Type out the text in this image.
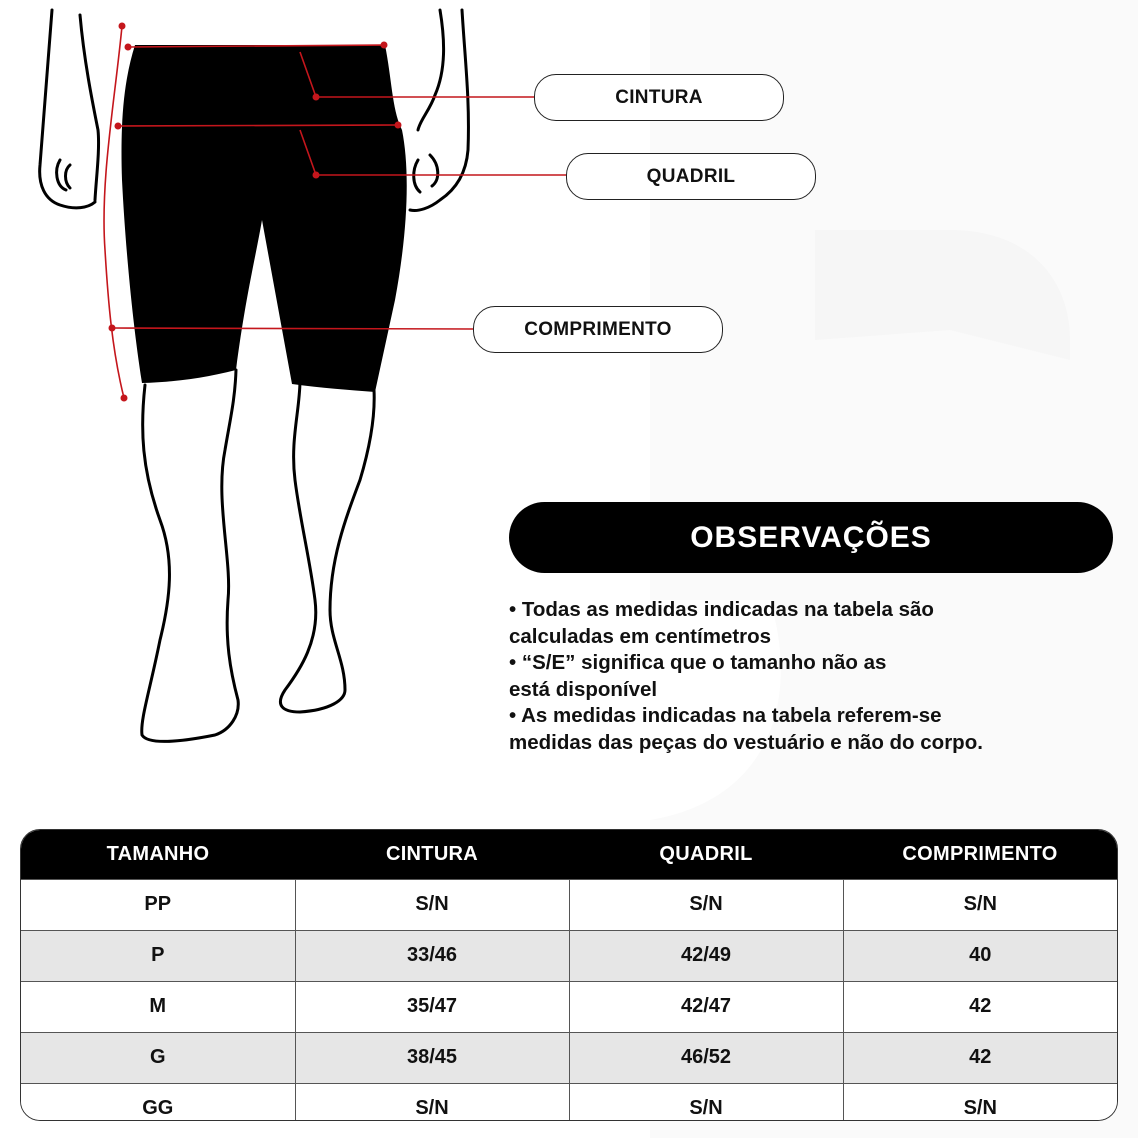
CINTURA
QUADRIL
COMPRIMENTO
OBSERVAÇÕES
• Todas as medidas indicadas na tabela são
calculadas em centímetros
• “S/E” significa que o tamanho não as
está disponível
• As medidas indicadas na tabela referem-se
medidas das peças do vestuário e não do corpo.
TAMANHO	CINTURA	QUADRIL	COMPRIMENTO
PP	S/N	S/N	S/N
P	33/46	42/49	40
M	35/47	42/47	42
G	38/45	46/52	42
GG	S/N	S/N	S/N
